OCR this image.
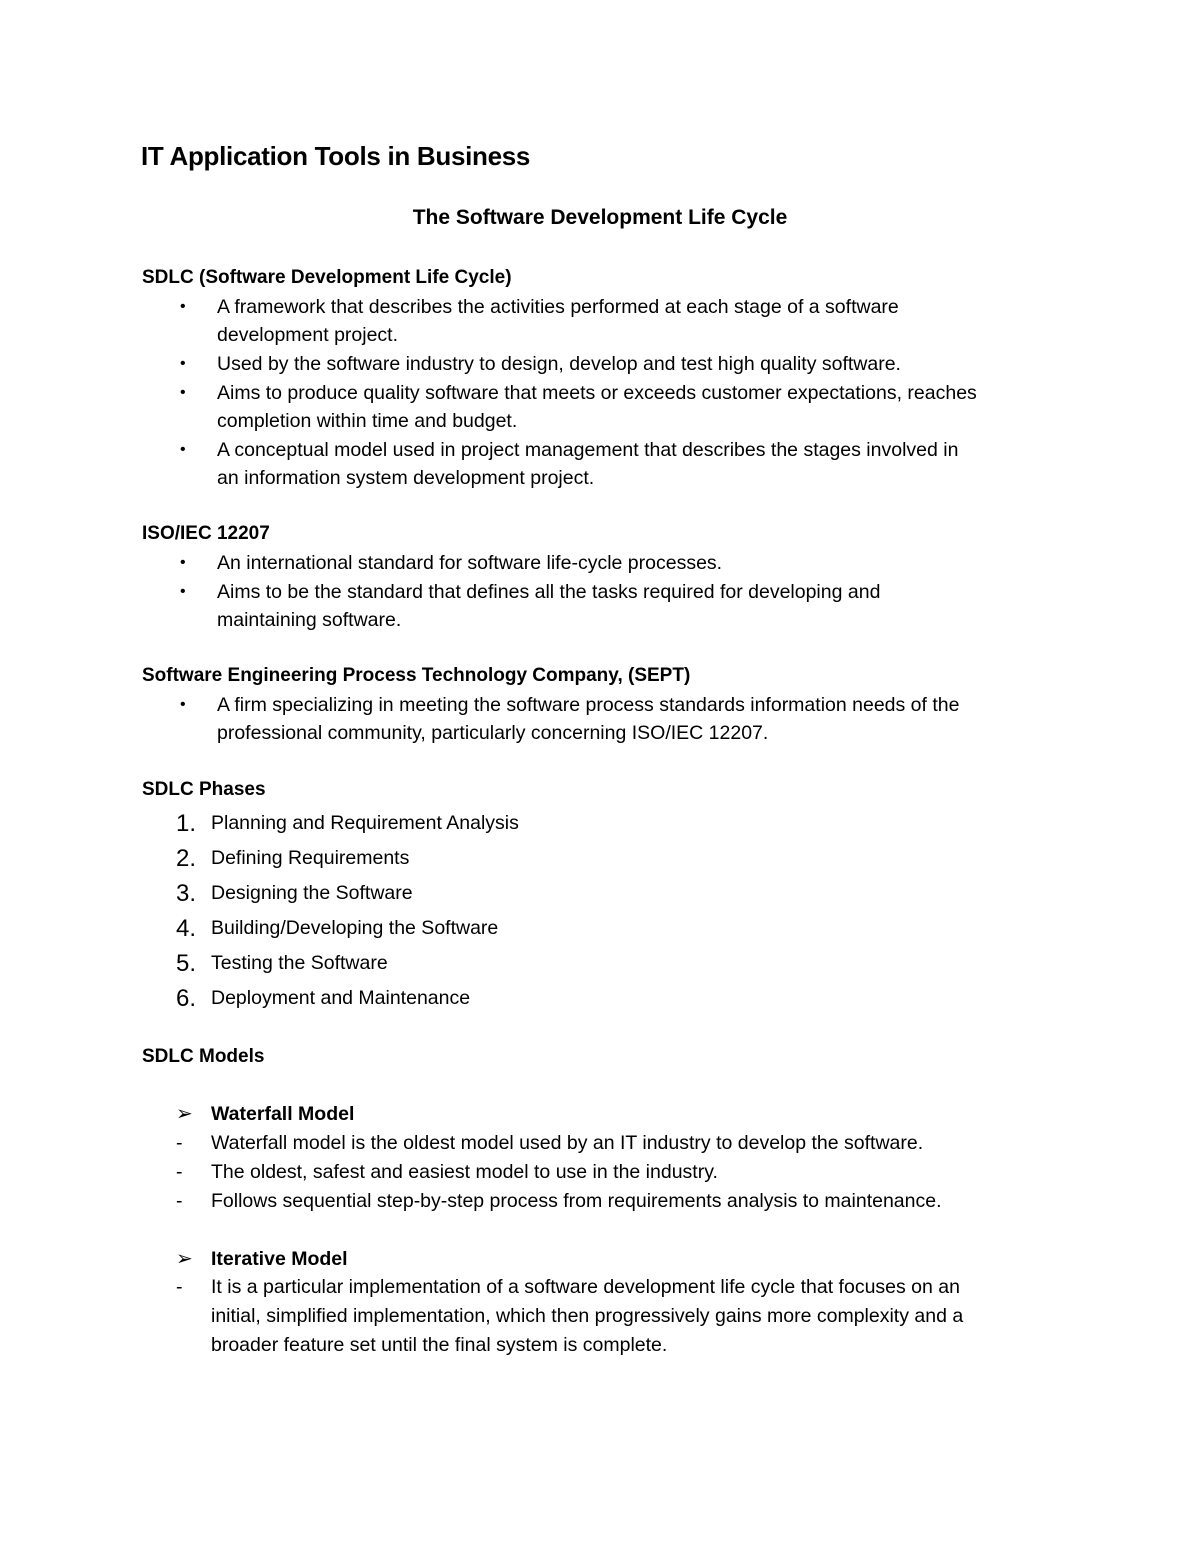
IT Application Tools in Business
The Software Development Life Cycle
SDLC (Software Development Life Cycle)
• A framework that describes the activities performed at each stage of a software
development project.
• Used by the software industry to design, develop and test high quality software.
• Aims to produce quality software that meets or exceeds customer expectations, reaches
completion within time and budget.
• A conceptual model used in project management that describes the stages involved in
an information system development project.
ISO/IEC 12207
• An international standard for software life-cycle processes.
• Aims to be the standard that defines all the tasks required for developing and
maintaining software.
Software Engineering Process Technology Company, (SEPT)
• A firm specializing in meeting the software process standards information needs of the
professional community, particularly concerning ISO/IEC 12207.
SDLC Phases
1. Planning and Requirement Analysis
2. Defining Requirements
3. Designing the Software
4. Building/Developing the Software
5. Testing the Software
6. Deployment and Maintenance
SDLC Models
➢ Waterfall Model
- Waterfall model is the oldest model used by an IT industry to develop the software.
- The oldest, safest and easiest model to use in the industry.
- Follows sequential step-by-step process from requirements analysis to maintenance.
➢ Iterative Model
- It is a particular implementation of a software development life cycle that focuses on an
initial, simplified implementation, which then progressively gains more complexity and a
broader feature set until the final system is complete.
